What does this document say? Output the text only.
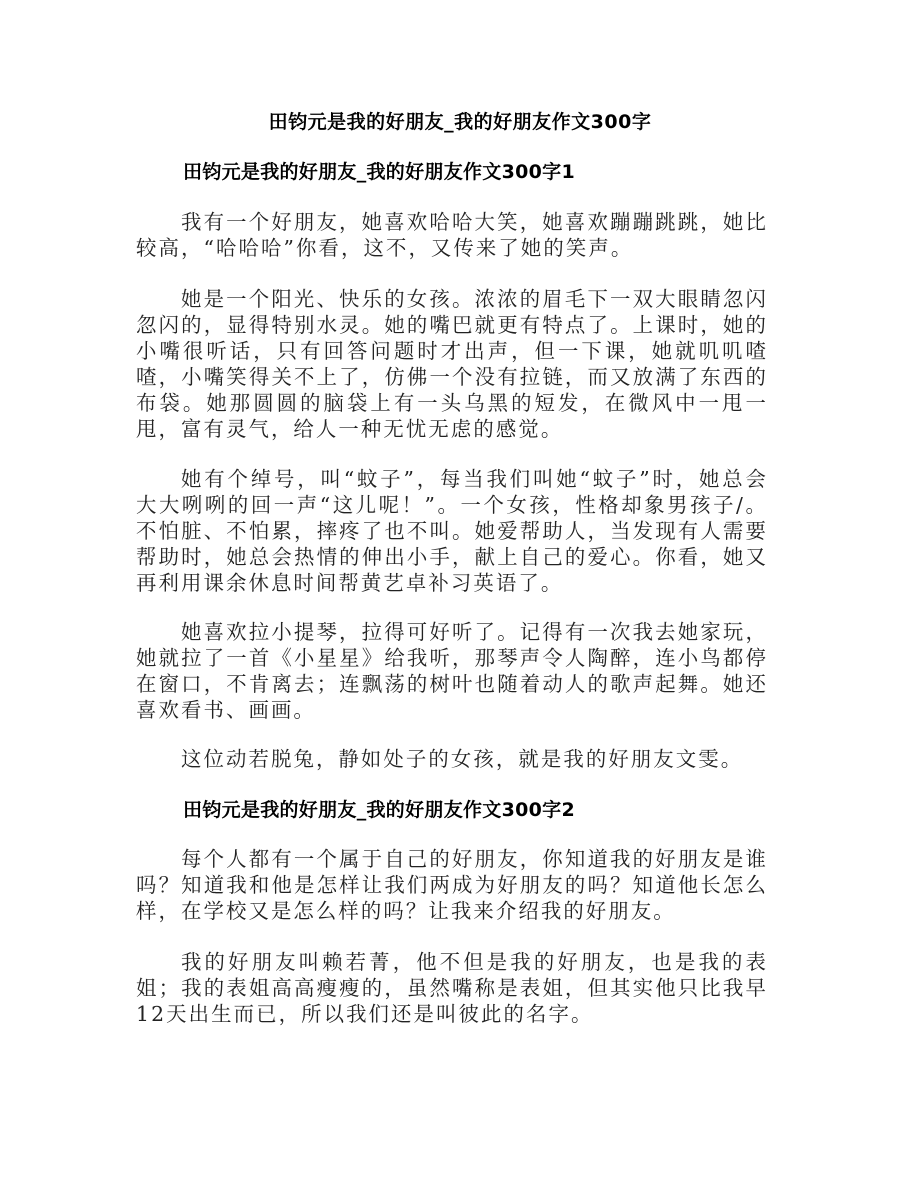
田钧元是我的好朋友_我的好朋友作文300字
田钧元是我的好朋友_我的好朋友作文300字1
我有一个好朋友，她喜欢哈哈大笑，她喜欢蹦蹦跳跳，她比较高，“哈哈哈”你看，这不，又传来了她的笑声。
她是一个阳光、快乐的女孩。浓浓的眉毛下一双大眼睛忽闪忽闪的，显得特别水灵。她的嘴巴就更有特点了。上课时，她的小嘴很听话，只有回答问题时才出声，但一下课，她就叽叽喳喳，小嘴笑得关不上了，仿佛一个没有拉链，而又放满了东西的布袋。她那圆圆的脑袋上有一头乌黑的短发，在微风中一甩一甩，富有灵气，给人一种无忧无虑的感觉。
她有个绰号，叫“蚊子”，每当我们叫她“蚊子”时，她总会大大咧咧的回一声“这儿呢！”。一个女孩，性格却象男孩子/。不怕脏、不怕累，摔疼了也不叫。她爱帮助人，当发现有人需要帮助时，她总会热情的伸出小手，献上自己的爱心。你看，她又再利用课余休息时间帮黄艺卓补习英语了。
她喜欢拉小提琴，拉得可好听了。记得有一次我去她家玩，她就拉了一首《小星星》给我听，那琴声令人陶醉，连小鸟都停在窗口，不肯离去；连飘荡的树叶也随着动人的歌声起舞。她还喜欢看书、画画。
这位动若脱兔，静如处子的女孩，就是我的好朋友文雯。
田钧元是我的好朋友_我的好朋友作文300字2
每个人都有一个属于自己的好朋友，你知道我的好朋友是谁吗？知道我和他是怎样让我们两成为好朋友的吗？知道他长怎么样，在学校又是怎么样的吗？让我来介绍我的好朋友。
我的好朋友叫赖若菁，他不但是我的好朋友，也是我的表姐；我的表姐高高瘦瘦的，虽然嘴称是表姐，但其实他只比我早12天出生而已，所以我们还是叫彼此的名字。
